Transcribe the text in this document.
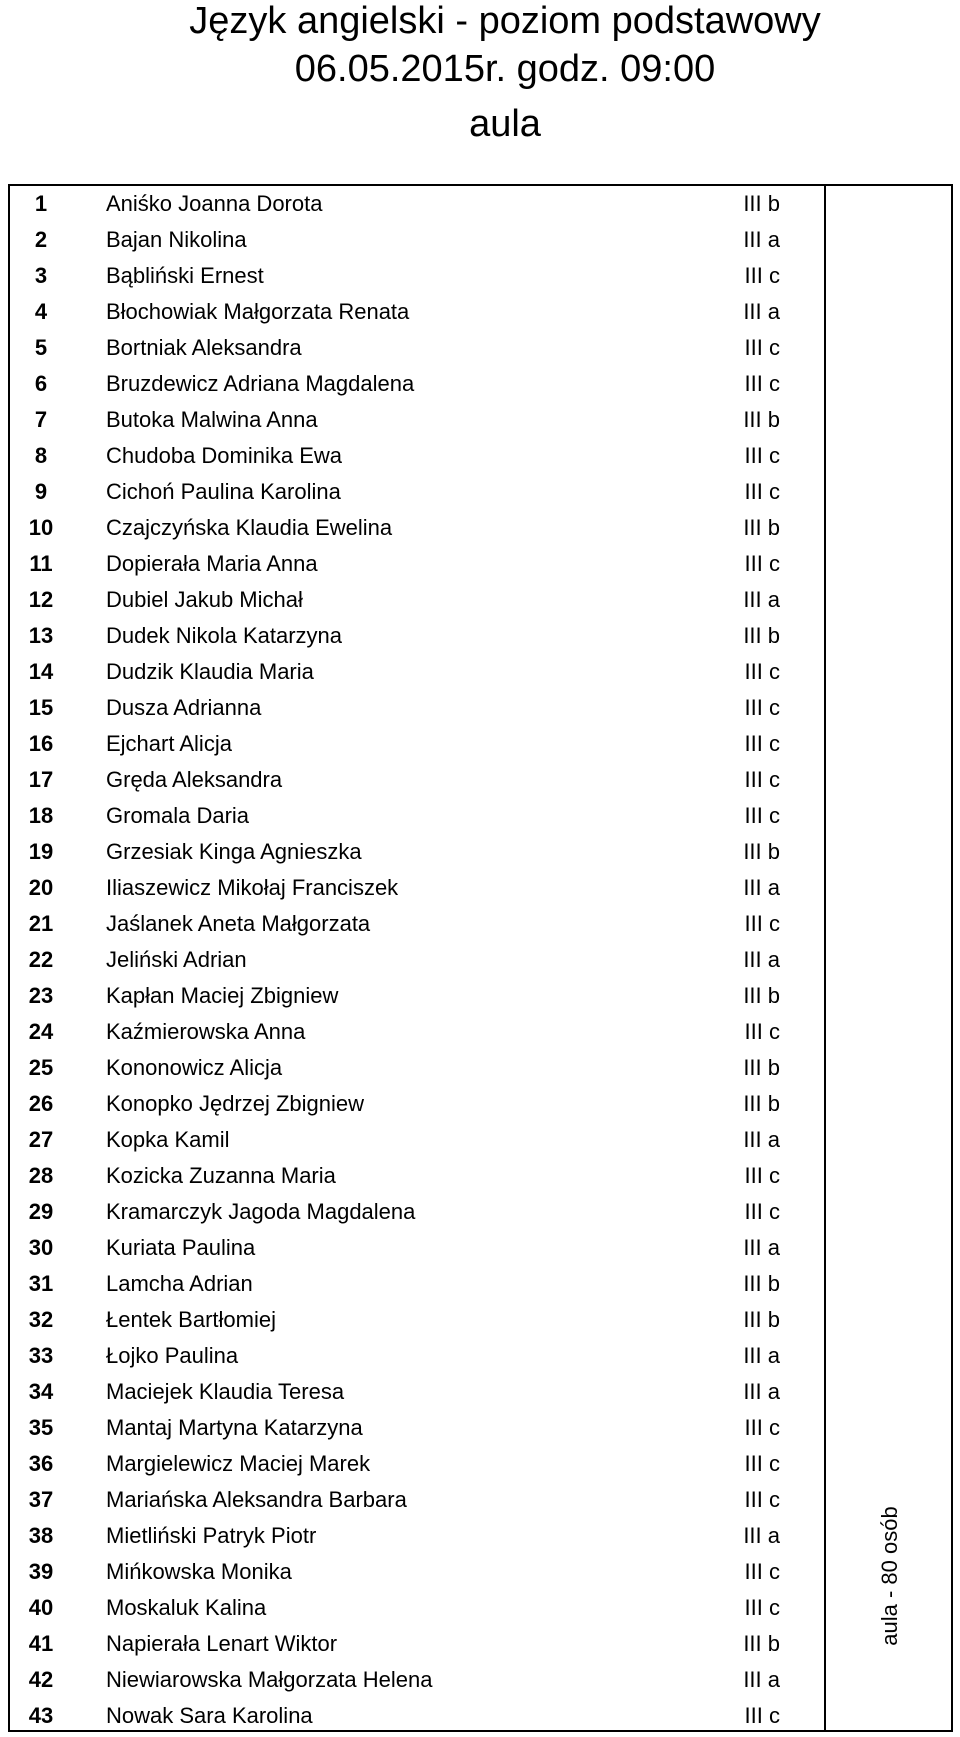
Język angielski - poziom podstawowy
06.05.2015r. godz. 09:00
aula
1	Aniśko Joanna Dorota	III b
2	Bajan Nikolina	III a
3	Bąbliński Ernest	III c
4	Błochowiak Małgorzata Renata	III a
5	Bortniak Aleksandra	III c
6	Bruzdewicz Adriana Magdalena	III c
7	Butoka Malwina Anna	III b
8	Chudoba Dominika Ewa	III c
9	Cichoń Paulina Karolina	III c
10	Czajczyńska Klaudia Ewelina	III b
11	Dopierała Maria Anna	III c
12	Dubiel Jakub Michał	III a
13	Dudek Nikola Katarzyna	III b
14	Dudzik Klaudia Maria	III c
15	Dusza Adrianna	III c
16	Ejchart Alicja	III c
17	Gręda Aleksandra	III c
18	Gromala Daria	III c
19	Grzesiak Kinga Agnieszka	III b
20	Iliaszewicz Mikołaj Franciszek	III a
21	Jaślanek Aneta Małgorzata	III c
22	Jeliński Adrian	III a
23	Kapłan Maciej Zbigniew	III b
24	Kaźmierowska Anna	III c
25	Kononowicz Alicja	III b
26	Konopko Jędrzej Zbigniew	III b
27	Kopka Kamil	III a
28	Kozicka Zuzanna Maria	III c
29	Kramarczyk Jagoda Magdalena	III c
30	Kuriata Paulina	III a
31	Lamcha Adrian	III b
32	Łentek Bartłomiej	III b
33	Łojko Paulina	III a
34	Maciejek Klaudia Teresa	III a
35	Mantaj Martyna Katarzyna	III c
36	Margielewicz Maciej Marek	III c
37	Mariańska Aleksandra Barbara	III c
38	Mietliński Patryk Piotr	III a
39	Mińkowska Monika	III c
40	Moskaluk Kalina	III c
41	Napierała Lenart Wiktor	III b
42	Niewiarowska Małgorzata Helena	III a
43	Nowak Sara Karolina	III c
aula - 80 osób
